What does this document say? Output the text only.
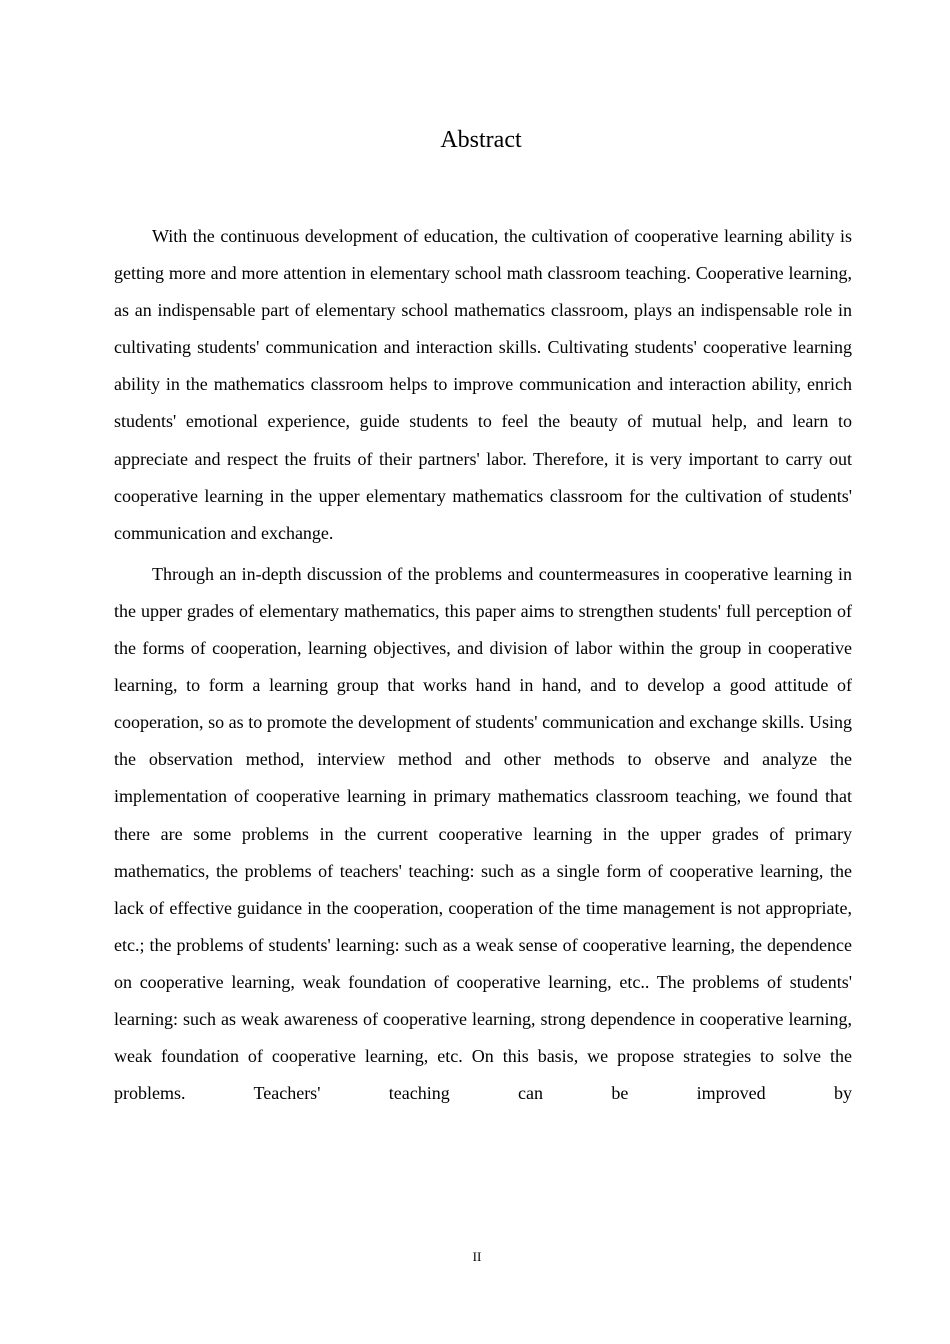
Abstract

With the continuous development of education, the cultivation of cooperative learning ability is getting more and more attention in elementary school math classroom teaching. Cooperative learning, as an indispensable part of elementary school mathematics classroom, plays an indispensable role in cultivating students' communication and interaction skills. Cultivating students' cooperative learning ability in the mathematics classroom helps to improve communication and interaction ability, enrich students' emotional experience, guide students to feel the beauty of mutual help, and learn to appreciate and respect the fruits of their partners' labor. Therefore, it is very important to carry out cooperative learning in the upper elementary mathematics classroom for the cultivation of students' communication and exchange.

Through an in-depth discussion of the problems and countermeasures in cooperative learning in the upper grades of elementary mathematics, this paper aims to strengthen students' full perception of the forms of cooperation, learning objectives, and division of labor within the group in cooperative learning, to form a learning group that works hand in hand, and to develop a good attitude of cooperation, so as to promote the development of students' communication and exchange skills. Using the observation method, interview method and other methods to observe and analyze the implementation of cooperative learning in primary mathematics classroom teaching, we found that there are some problems in the current cooperative learning in the upper grades of primary mathematics, the problems of teachers' teaching: such as a single form of cooperative learning, the lack of effective guidance in the cooperation, cooperation of the time management is not appropriate, etc.; the problems of students' learning: such as a weak sense of cooperative learning, the dependence on cooperative learning, weak foundation of cooperative learning, etc.. The problems of students' learning: such as weak awareness of cooperative learning, strong dependence in cooperative learning, weak foundation of cooperative learning, etc. On this basis, we propose strategies to solve the problems. Teachers' teaching can be improved by

II
